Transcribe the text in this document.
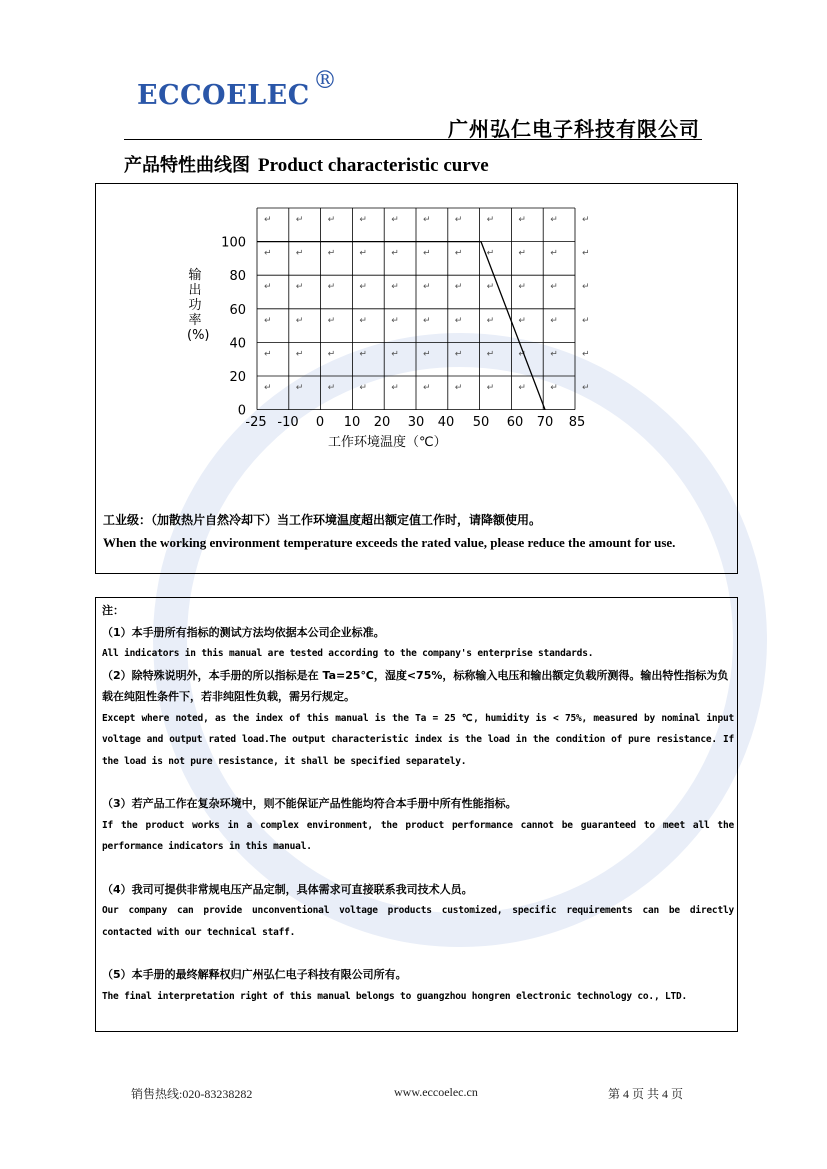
ECCOELEC ®
广州弘仁电子科技有限公司
产品特性曲线图 Product characteristic curve
↵	↵	↵	↵	↵	↵	↵	↵	↵	↵	↵
↵	↵	↵	↵	↵	↵	↵	↵	↵	↵	↵
↵	↵	↵	↵	↵	↵	↵	↵	↵	↵	↵
↵	↵	↵	↵	↵	↵	↵	↵	↵	↵	↵
↵	↵	↵	↵	↵	↵	↵	↵	↵	↵	↵
↵	↵	↵	↵	↵	↵	↵	↵	↵	↵	↵
100
80
60
40
20
0
-25 -10 0 10 20 30 40 50 60 70 85
工作环境温度（℃）
输出功率(%)
工业级：（加散热片自然冷却下）当工作环境温度超出额定值工作时，请降额使用。
When the working environment temperature exceeds the rated value, please reduce the amount for use.
注：
（1）本手册所有指标的测试方法均依据本公司企业标准。
All indicators in this manual are tested according to the company's enterprise standards.
（2）除特殊说明外，本手册的所以指标是在 Ta=25℃，湿度<75%，标称输入电压和输出额定负载所测得。输出特性指标为负载在纯阻性条件下，若非纯阻性负载，需另行规定。
Except where noted, as the index of this manual is the Ta = 25 ℃, humidity is < 75%, measured by nominal input voltage and output rated load.The output characteristic index is the load in the condition of pure resistance. If the load is not pure resistance, it shall be specified separately.
（3）若产品工作在复杂环境中，则不能保证产品性能均符合本手册中所有性能指标。
If the product works in a complex environment, the product performance cannot be guaranteed to meet all the performance indicators in this manual.
（4）我司可提供非常规电压产品定制，具体需求可直接联系我司技术人员。
Our company can provide unconventional voltage products customized, specific requirements can be directly contacted with our technical staff.
（5）本手册的最终解释权归广州弘仁电子科技有限公司所有。
The final interpretation right of this manual belongs to guangzhou hongren electronic technology co., LTD.
销售热线:020-83238282	www.eccoelec.cn	第 4 页 共 4 页
